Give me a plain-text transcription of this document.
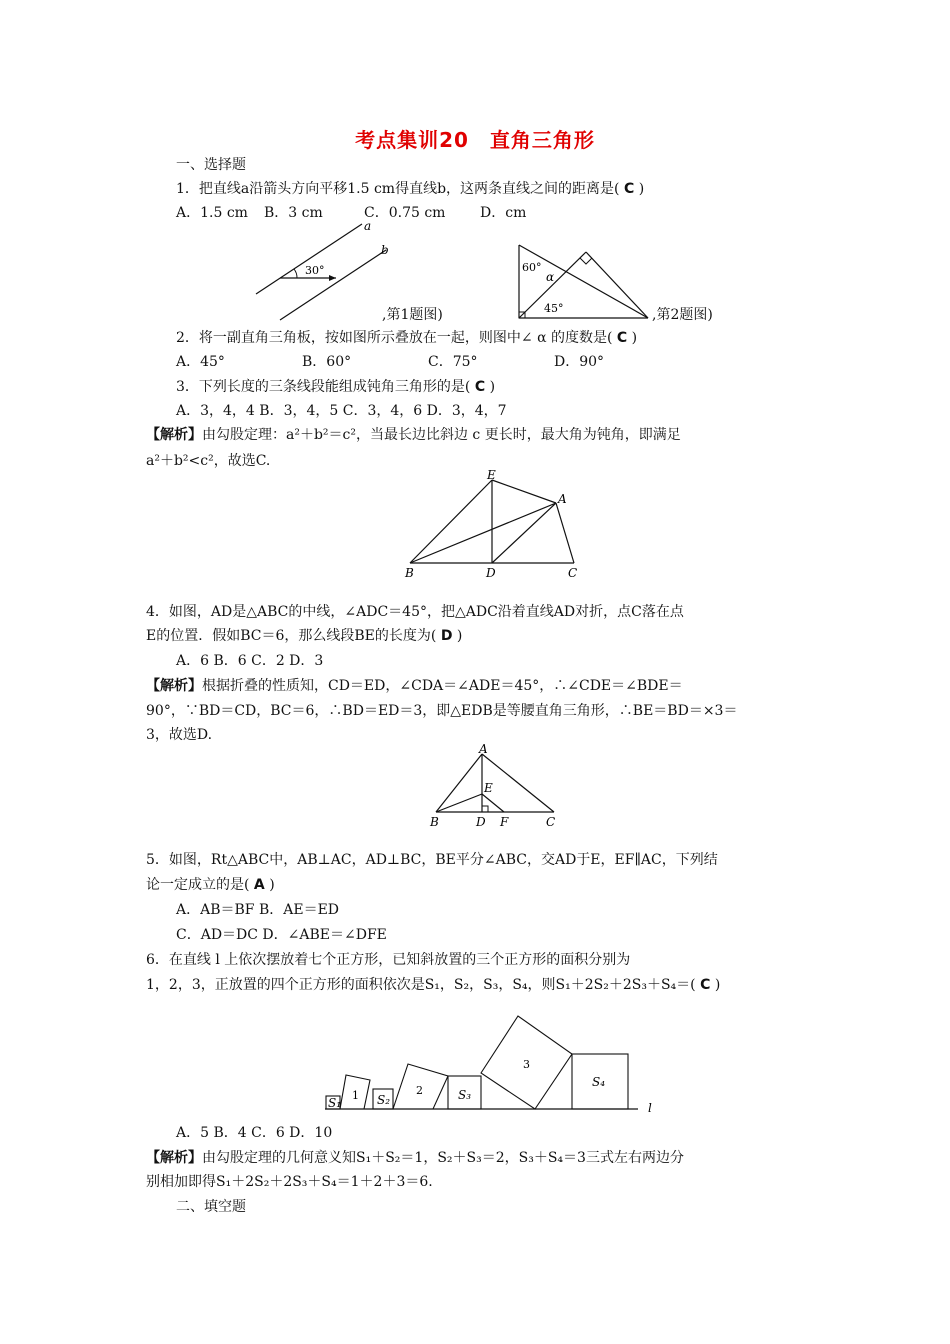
考点集训20　直角三角形
一、选择题
1．把直线a沿箭头方向平移1.5 cm得直线b，这两条直线之间的距离是( C )
A．1.5 cm B．3 cm	C．0.75 cm D．cm
a
b
30°
,第1题图)
60°
45°
α
,第2题图)
2．将一副直角三角板，按如图所示叠放在一起，则图中∠ α 的度数是( C )
A．45°	B．60°	C．75°	D．90°
3．下列长度的三条线段能组成钝角三角形的是( C )
A．3，4，4 B．3，4，5 C．3，4，6 D．3，4，7
【解析】由勾股定理：a²＋b²＝c²，当最长边比斜边 c 更长时，最大角为钝角，即满足
a²＋b²<c²，故选C.
E
A
B	D	C
4．如图，AD是△ABC的中线，∠ADC＝45°，把△ADC沿着直线AD对折，点C落在点
E的位置．假如BC＝6，那么线段BE的长度为( D )
A．6 B．6 C．2 D．3
【解析】根据折叠的性质知，CD＝ED，∠CDA＝∠ADE＝45°，∴∠CDE＝∠BDE＝
90°，∵BD＝CD，BC＝6，∴BD＝ED＝3，即△EDB是等腰直角三角形，∴BE＝BD＝×3＝
3，故选D.
A
E
B	D F	C
5．如图，Rt△ABC中，AB⊥AC，AD⊥BC，BE平分∠ABC，交AD于E，EF∥AC，下列结
论一定成立的是( A )
A．AB＝BF B．AE＝ED
C．AD＝DC D．∠ABE＝∠DFE
6．在直线 l 上依次摆放着七个正方形，已知斜放置的三个正方形的面积分别为
1，2，3，正放置的四个正方形的面积依次是S₁，S₂，S₃，S₄，则S₁＋2S₂＋2S₃＋S₄＝( C )
S₁
1 S₂
2	S₃
3
S₄
l
A．5 B．4 C．6 D．10
【解析】由勾股定理的几何意义知S₁＋S₂＝1，S₂＋S₃＝2，S₃＋S₄＝3三式左右两边分
别相加即得S₁＋2S₂＋2S₃＋S₄＝1＋2＋3＝6.
二、填空题
